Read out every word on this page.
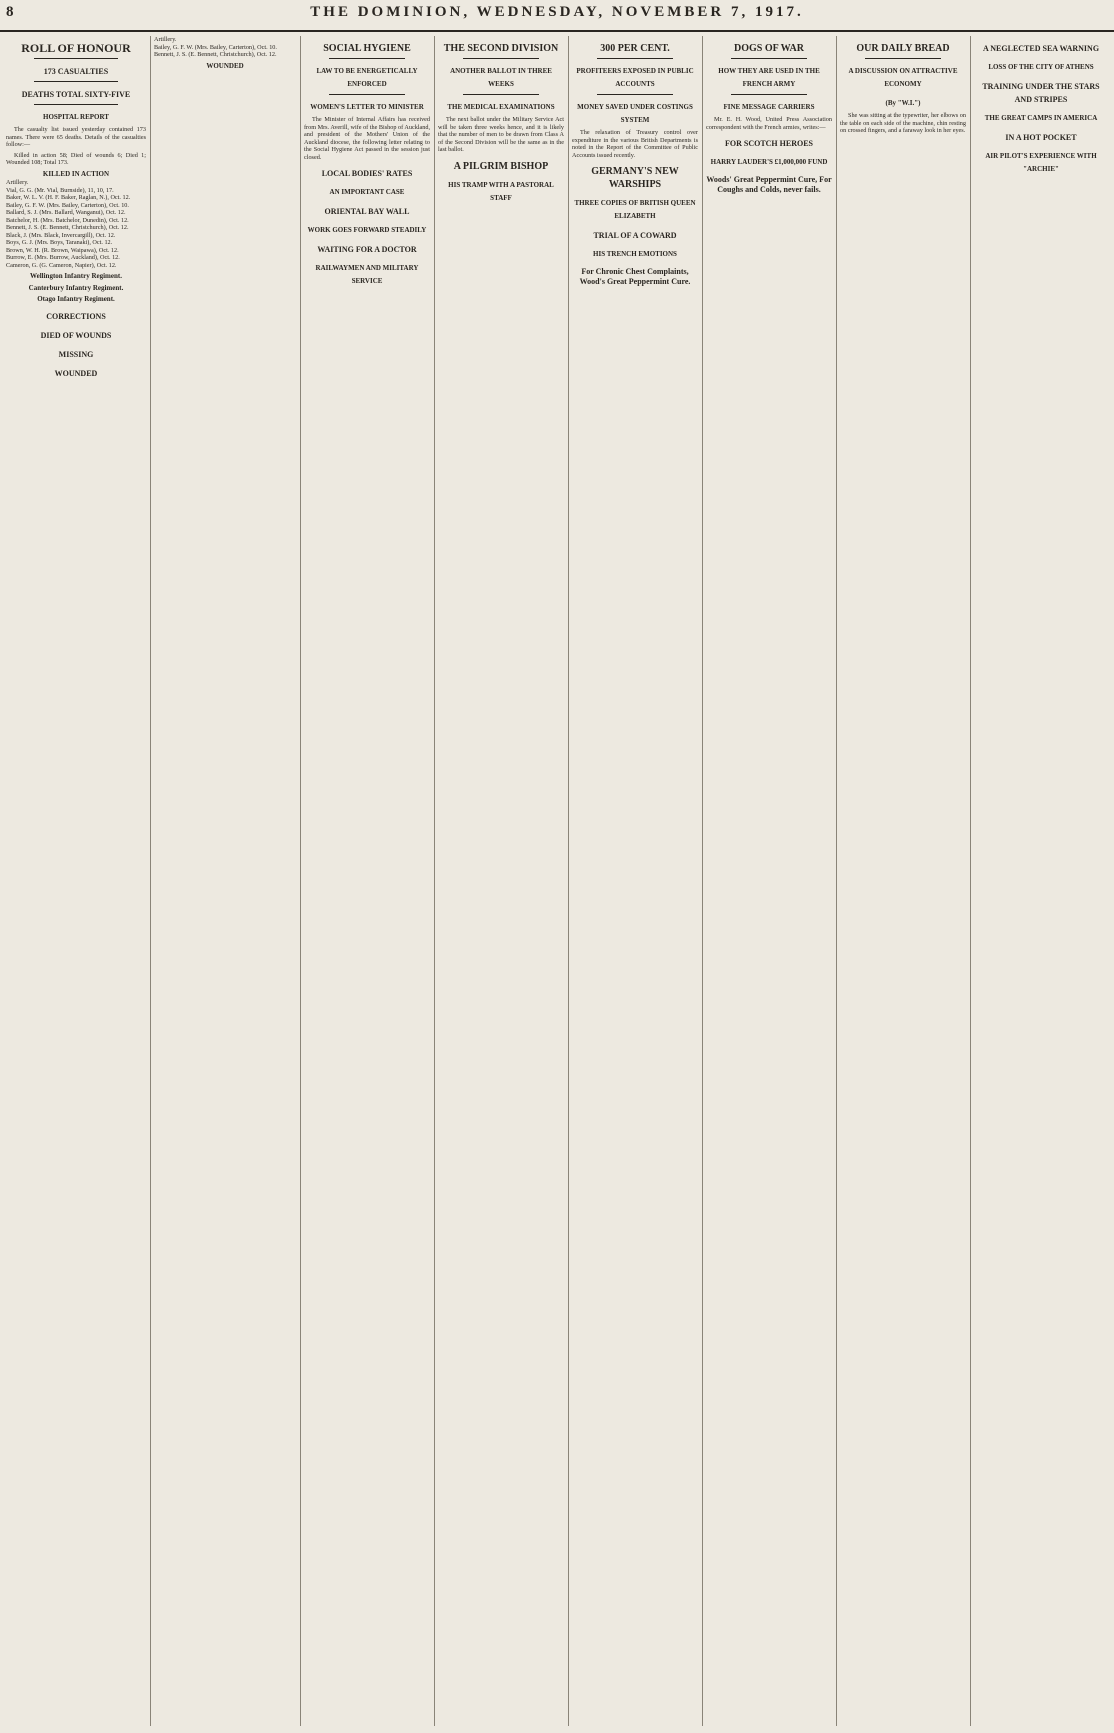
8	THE DOMINION, WEDNESDAY, NOVEMBER 7, 1917.
ROLL OF HONOUR
173 CASUALTIES
DEATHS TOTAL SIXTY-FIVE
HOSPITAL REPORT

The casualty list issued yesterday contained 173 names. There were 65 deaths. Details of the casualties follow:—

Killed in action 58; Died of wounds 6; Died 1; Wounded 108; Total 173.

KILLED IN ACTION
Artillery.
Vial, G. G. (Mr. Vial, Burnside), 11, 10, 17.
Baker, W. L. V. (H. F. Baker, Raglan, N.), Oct. 12.
Bailey, G. F. W. (Mrs. Bailey, Carterton), Oct. 10.
Ballard, S. J. (Mrs. Ballard, Wanganui), Oct. 12.
Batchelor, H. (Mrs. Batchelor, Dunedin), Oct. 12.
Bennett, J. S. (E. Bennett, Christchurch), Oct. 12.
Black, J. (Mrs. Black, Invercargill), Oct. 12.
Boys, G. J. (Mrs. Boys, Taranaki), Oct. 12.
Brown, W. H. (R. Brown, Waipawa), Oct. 12.
Burrow, E. (Mrs. Burrow, Auckland), Oct. 12.
Cameron, G. (G. Cameron, Napier), Oct. 12.
Wellington Infantry Regiment.
Canterbury Infantry Regiment.
Otago Infantry Regiment.
CORRECTIONS
DIED OF WOUNDS
MISSING
WOUNDED
Artillery.
Bailey, G. F. W. (Mrs. Bailey, Carterton), Oct. 10.
Bennett, J. S. (E. Bennett, Christchurch), Oct. 12.
WOUNDED
SOCIAL HYGIENE
LAW TO BE ENERGETICALLY ENFORCED
WOMEN'S LETTER TO MINISTER

The Minister of Internal Affairs has received from Mrs. Averill, wife of the Bishop of Auckland, and president of the Mothers' Union of the Auckland diocese, the following letter relating to the Social Hygiene Act passed in the session just closed.

LOCAL BODIES' RATES
AN IMPORTANT CASE
ORIENTAL BAY WALL
WORK GOES FORWARD STEADILY
WAITING FOR A DOCTOR
RAILWAYMEN AND MILITARY SERVICE
THE SECOND DIVISION
ANOTHER BALLOT IN THREE WEEKS
THE MEDICAL EXAMINATIONS

The next ballot under the Military Service Act will be taken three weeks hence, and it is likely that the number of men to be drawn from Class A of the Second Division will be the same as in the last ballot.

A PILGRIM BISHOP
HIS TRAMP WITH A PASTORAL STAFF
300 PER CENT.
PROFITEERS EXPOSED IN PUBLIC ACCOUNTS
MONEY SAVED UNDER COSTINGS SYSTEM

The relaxation of Treasury control over expenditure in the various British Departments is noted in the Report of the Committee of Public Accounts issued recently.

GERMANY'S NEW WARSHIPS
THREE COPIES OF BRITISH QUEEN ELIZABETH
TRIAL OF A COWARD
HIS TRENCH EMOTIONS
For Chronic Chest Complaints, Wood's Great Peppermint Cure.
DOGS OF WAR
HOW THEY ARE USED IN THE FRENCH ARMY
FINE MESSAGE CARRIERS

Mr. E. H. Wood, United Press Association correspondent with the French armies, writes:—

FOR SCOTCH HEROES
HARRY LAUDER'S £1,000,000 FUND
Woods' Great Peppermint Cure, For Coughs and Colds, never fails.
OUR DAILY BREAD
A DISCUSSION ON ATTRACTIVE ECONOMY
(By "W.I.")

She was sitting at the typewriter, her elbows on the table on each side of the machine, chin resting on crossed fingers, and a faraway look in her eyes.

A NEGLECTED SEA WARNING
LOSS OF THE CITY OF ATHENS
TRAINING UNDER THE STARS AND STRIPES
THE GREAT CAMPS IN AMERICA
IN A HOT POCKET
AIR PILOT'S EXPERIENCE WITH "ARCHIE"
